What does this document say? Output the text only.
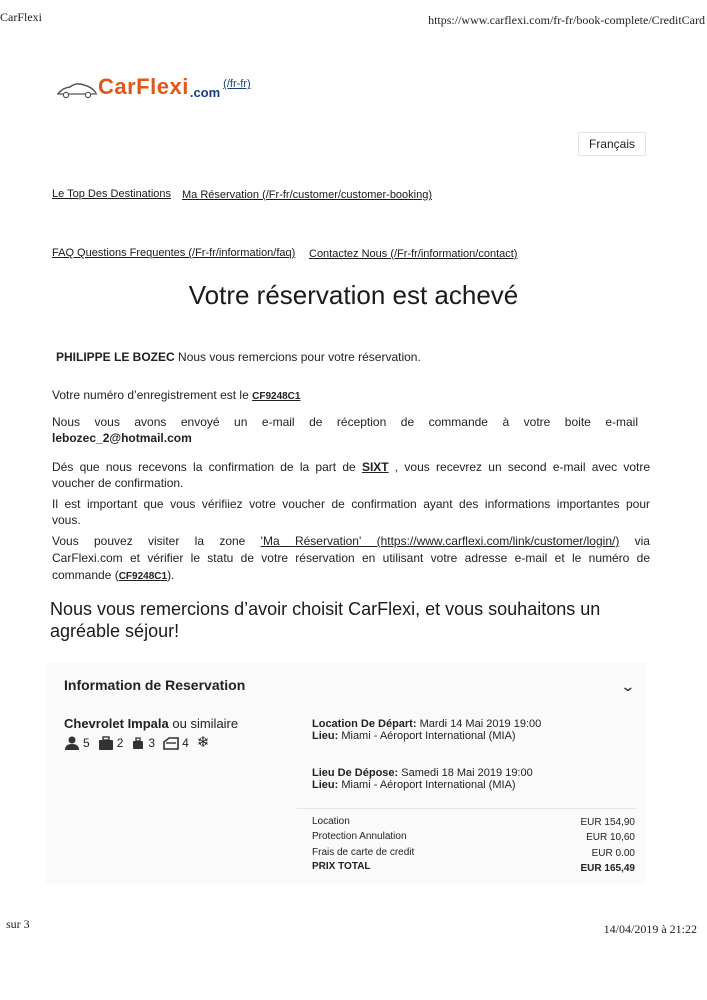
CarFlexi	https://www.carflexi.com/fr-fr/book-complete/CreditCard
CarFlexi .com
(/fr-fr)
Français
Le Top Des Destinations Ma Réservation (/Fr-fr/customer/customer-booking)
FAQ Questions Frequentes (/Fr-fr/information/faq) Contactez Nous (/Fr-fr/information/contact)
Votre réservation est achevé
PHILIPPE LE BOZEC Nous vous remercions pour votre réservation.
Votre numéro d’enregistrement est le CF9248C1
Nous vous avons envoyé un e-mail de réception de commande à votre boite e-mail
lebozec_2@hotmail.com
Dés que nous recevons la confirmation de la part de SIXT , vous recevrez un second e-mail avec votre
voucher de confirmation.
Il est important que vous vérifiiez votre voucher de confirmation ayant des informations importantes pour
vous.
Vous pouvez visiter la zone 'Ma Réservation' (https://www.carflexi.com/link/customer/login/) via
CarFlexi.com et vérifier le statu de votre réservation en utilisant votre adresse e-mail et le numéro de
commande (CF9248C1).
Nous vous remercions d’avoir choisit CarFlexi, et vous souhaitons un agréable séjour!
Information de Reservation	⌄
Chevrolet Impala ou similaire
5 2 3 4 ❄
Location De Départ: Mardi 14 Mai 2019 19:00
Lieu: Miami - Aéroport International (MIA)
Lieu De Dépose: Samedi 18 Mai 2019 19:00
Lieu: Miami - Aéroport International (MIA)
Location	EUR 154,90
Protection Annulation	EUR 10,60
Frais de carte de credit	EUR 0.00
PRIX TOTAL	EUR 165,49
sur 3	14/04/2019 à 21:22
